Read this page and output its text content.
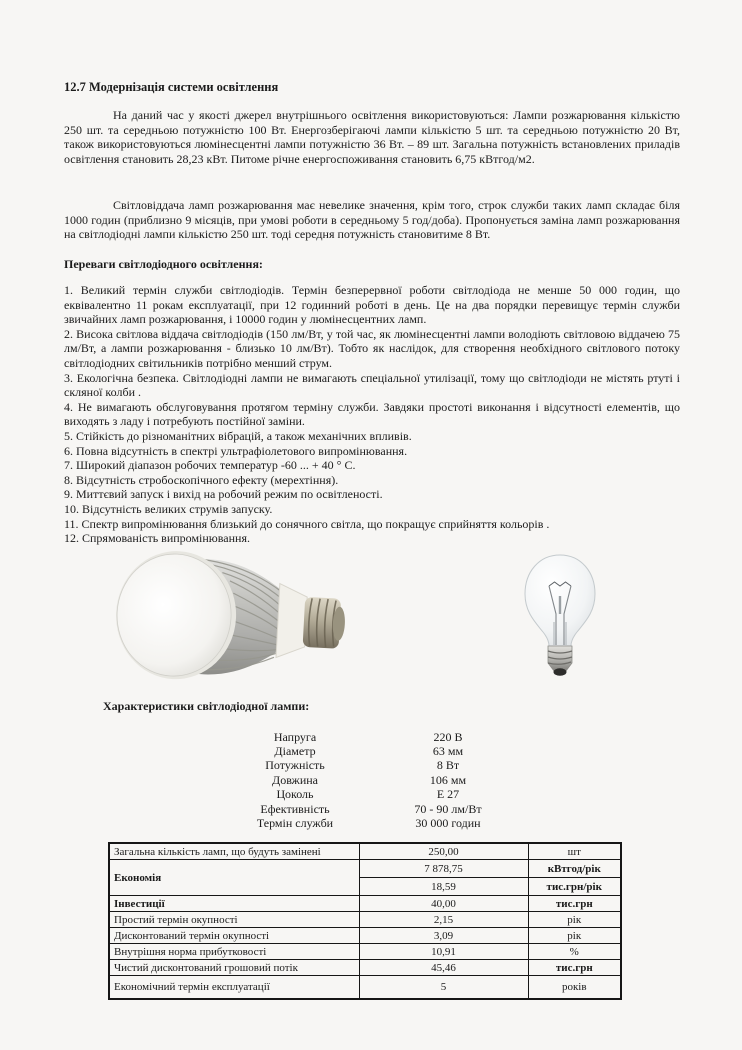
12.7 Модернізація системи освітлення

На даний час у якості джерел внутрішнього освітлення використовуються: Лампи розжарювання кількістю 250 шт. та середньою потужністю 100 Вт. Енергозберігаючі лампи кількістю 5 шт. та середньою потужністю 20 Вт, також використовуються люмінесцентні лампи потужністю 36 Вт. – 89 шт. Загальна потужність встановлених приладів освітлення становить 28,23 кВт. Питоме річне енергоспоживання становить 6,75 кВтгод/м2.

Світловіддача ламп розжарювання має невелике значення, крім того, строк служби таких ламп складає біля 1000 годин (приблизно 9 місяців, при умові роботи в середньому 5 год/доба). Пропонується заміна ламп розжарювання на світлодіодні лампи кількістю 250 шт. тоді середня потужність становитиме 8 Вт.

Переваги світлодіодного освітлення:

1. Великий термін служби світлодіодів. Термін безперервної роботи світлодіода не менше 50 000 годин, що еквівалентно 11 рокам експлуатації, при 12 годинний роботі в день. Це на два порядки перевищує термін служби звичайних ламп розжарювання, і 10000 годин у люмінесцентних ламп.

2. Висока світлова віддача світлодіодів (150 лм/Вт, у той час, як люмінесцентні лампи володіють світловою віддачею 75 лм/Вт, а лампи розжарювання - близько 10 лм/Вт). Тобто як наслідок, для створення необхідного світлового потоку світлодіодних світильників потрібно менший струм.

3. Екологічна безпека. Світлодіодні лампи не вимагають спеціальної утилізації, тому що світлодіоди не містять ртуті і скляної колби .

4. Не вимагають обслуговування протягом терміну служби. Завдяки простоті виконання і відсутності елементів, що виходять з ладу і потребують постійної заміни.

5. Стійкість до різноманітних вібрацій, а також механічних впливів.

6. Повна відсутність в спектрі ультрафіолетового випромінювання.

7. Широкий діапазон робочих температур -60 ... + 40 ° С.

8. Відсутність стробоскопічного ефекту (мерехтіння).

9. Миттєвий запуск і вихід на робочий режим по освітленості.

10. Відсутність великих струмів запуску.

11. Спектр випромінювання близький до сонячного світла, що покращує сприйняття кольорів .

12. Спрямованість випромінювання.

Характеристики світлодіодної лампи:
Напруга	220 В
Діаметр	63 мм
Потужність	8 Вт
Довжина	106 мм
Цоколь	Е 27
Ефективність	70 - 90 лм/Вт
Термін служби	30 000 годин
Загальна кількість ламп, що будуть замінені	250,00	шт
Економія	7 878,75	кВтгод/рік
	18,59	тис.грн/рік
Інвестиції	40,00	тис.грн
Простий термін окупності	2,15	рік
Дисконтований термін окупності	3,09	рік
Внутрішня норма прибутковості	10,91	%
Чистий дисконтований грошовий потік	45,46	тис.грн
Економічний термін експлуатації	5	років
